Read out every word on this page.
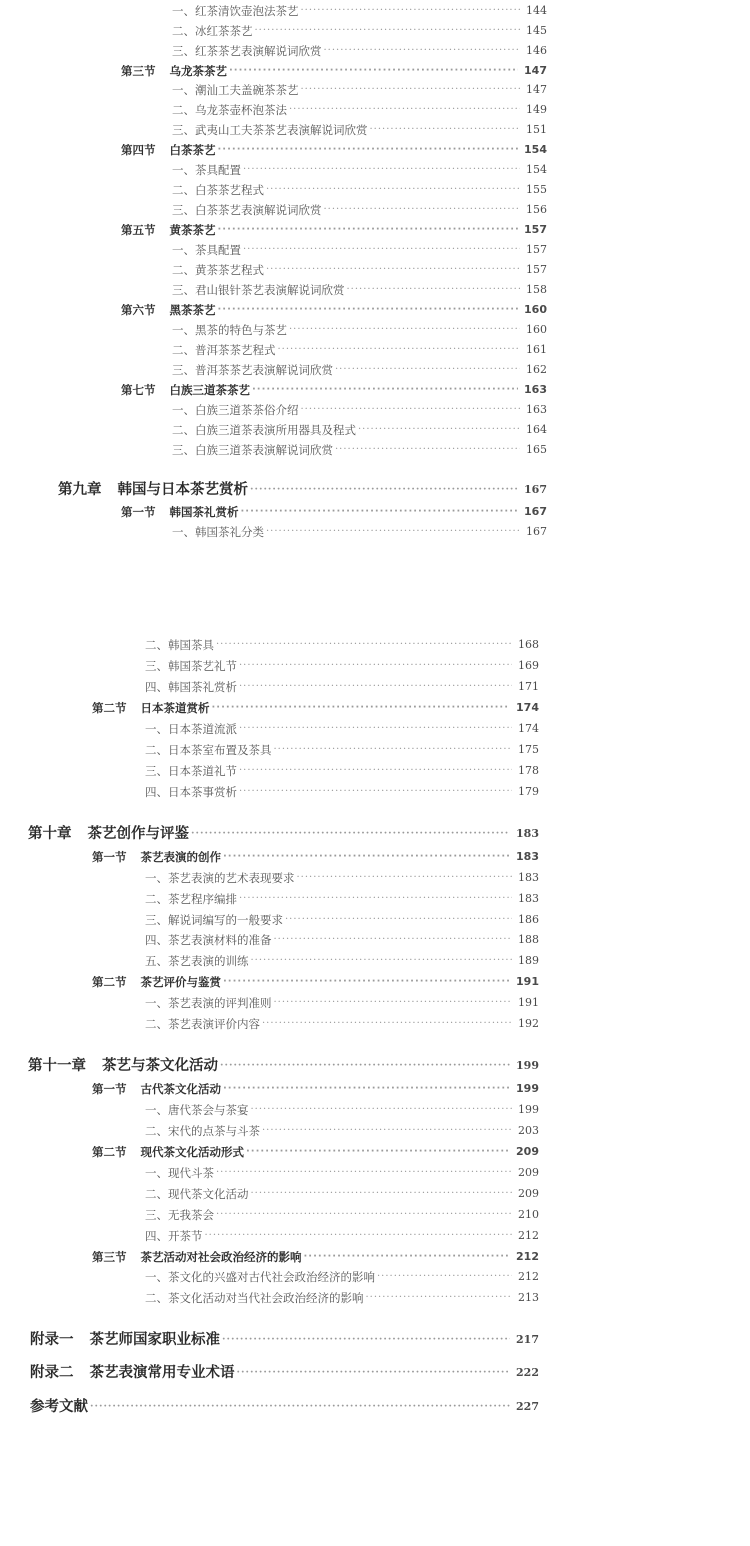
一、红茶清饮壶泡法茶艺 ·····	144
二、冰红茶茶艺 ·····	145
三、红茶茶艺表演解说词欣赏 ·····	146
第三节 乌龙茶茶艺 ·····	147
一、潮汕工夫盖碗茶茶艺 ·····	147
二、乌龙茶壶杯泡茶法 ·····	149
三、武夷山工夫茶茶艺表演解说词欣赏 ·····	151
第四节 白茶茶艺 ·····	154
一、茶具配置 ·····	154
二、白茶茶艺程式 ·····	155
三、白茶茶艺表演解说词欣赏 ·····	156
第五节 黄茶茶艺 ·····	157
一、茶具配置 ·····	157
二、黄茶茶艺程式 ·····	157
三、君山银针茶艺表演解说词欣赏 ·····	158
第六节 黑茶茶艺 ·····	160
一、黑茶的特色与茶艺 ·····	160
二、普洱茶茶艺程式 ·····	161
三、普洱茶茶艺表演解说词欣赏 ·····	162
第七节 白族三道茶茶艺 ·····	163
一、白族三道茶茶俗介绍 ·····	163
二、白族三道茶表演所用器具及程式 ·····	164
三、白族三道茶表演解说词欣赏 ·····	165
第九章 韩国与日本茶艺赏析 ·····	167
第一节 韩国茶礼赏析 ·····	167
一、韩国茶礼分类 ·····	167
二、韩国茶具 ·····	168
三、韩国茶艺礼节 ·····	169
四、韩国茶礼赏析 ·····	171
第二节 日本茶道赏析 ·····	174
一、日本茶道流派 ·····	174
二、日本茶室布置及茶具 ·····	175
三、日本茶道礼节 ·····	178
四、日本茶事赏析 ·····	179
第十章 茶艺创作与评鉴 ·····	183
第一节 茶艺表演的创作 ·····	183
一、茶艺表演的艺术表现要求 ·····	183
二、茶艺程序编排 ·····	183
三、解说词编写的一般要求 ·····	186
四、茶艺表演材料的准备 ·····	188
五、茶艺表演的训练 ·····	189
第二节 茶艺评价与鉴赏 ·····	191
一、茶艺表演的评判准则 ·····	191
二、茶艺表演评价内容 ·····	192
第十一章 茶艺与茶文化活动 ·····	199
第一节 古代茶文化活动 ·····	199
一、唐代茶会与茶宴 ·····	199
二、宋代的点茶与斗茶 ·····	203
第二节 现代茶文化活动形式 ·····	209
一、现代斗茶 ·····	209
二、现代茶文化活动 ·····	209
三、无我茶会 ·····	210
四、开茶节 ·····	212
第三节 茶艺活动对社会政治经济的影响 ·····	212
一、茶文化的兴盛对古代社会政治经济的影响 ·····	212
二、茶文化活动对当代社会政治经济的影响 ·····	213
附录一 茶艺师国家职业标准 ·····	217
附录二 茶艺表演常用专业术语 ·····	222
参考文献 ·····	227
